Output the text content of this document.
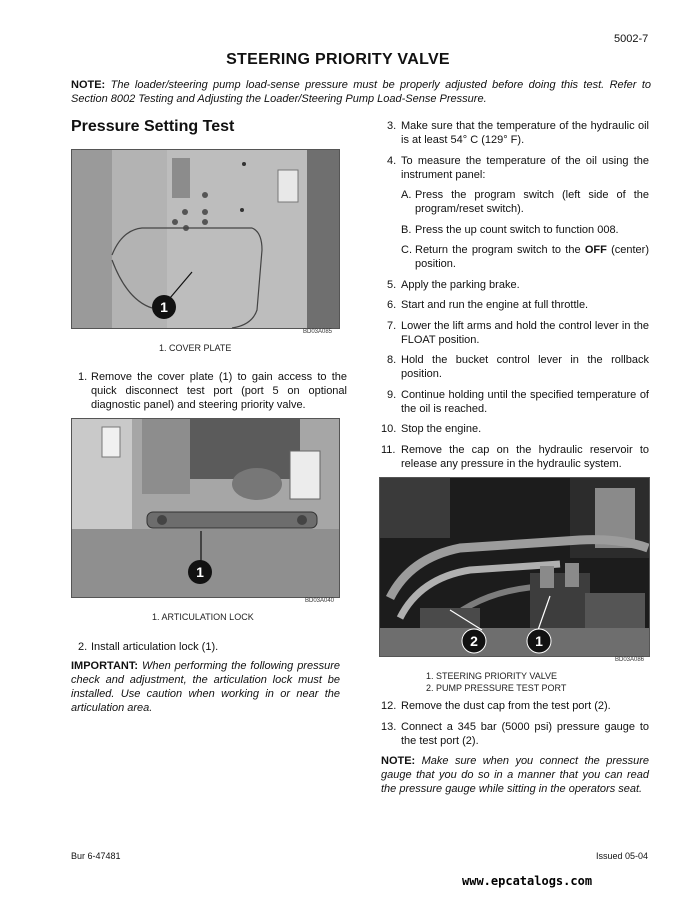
5002-7
STEERING PRIORITY VALVE
NOTE: The loader/steering pump load-sense pressure must be properly adjusted before doing this test. Refer to Section 8002 Testing and Adjusting the Loader/Steering Pump Load-Sense Pressure.
Pressure Setting Test
1
BD03A085
1. COVER PLATE
1. Remove the cover plate (1) to gain access to the quick disconnect test port (port 5 on optional diagnostic panel) and steering priority valve.
1
BD03A040
1. ARTICULATION LOCK
2. Install articulation lock (1).
IMPORTANT: When performing the following pressure check and adjustment, the articulation lock must be installed. Use caution when working in or near the articulation area.
3. Make sure that the temperature of the hydraulic oil is at least 54° C (129° F).
4. To measure the temperature of the oil using the instrument panel:
A. Press the program switch (left side of the program/reset switch).
B. Press the up count switch to function 008.
C. Return the program switch to the OFF (center) position.
5. Apply the parking brake.
6. Start and run the engine at full throttle.
7. Lower the lift arms and hold the control lever in the FLOAT position.
8. Hold the bucket control lever in the rollback position.
9. Continue holding until the specified temperature of the oil is reached.
10. Stop the engine.
11. Remove the cap on the hydraulic reservoir to release any pressure in the hydraulic system.
2	1
BD03A086
1. STEERING PRIORITY VALVE
2. PUMP PRESSURE TEST PORT
12. Remove the dust cap from the test port (2).
13. Connect a 345 bar (5000 psi) pressure gauge to the test port (2).
NOTE: Make sure when you connect the pressure gauge that you do so in a manner that you can read the pressure gauge while sitting in the operators seat.
Bur 6-47481	Issued 05-04
www.epcatalogs.com
